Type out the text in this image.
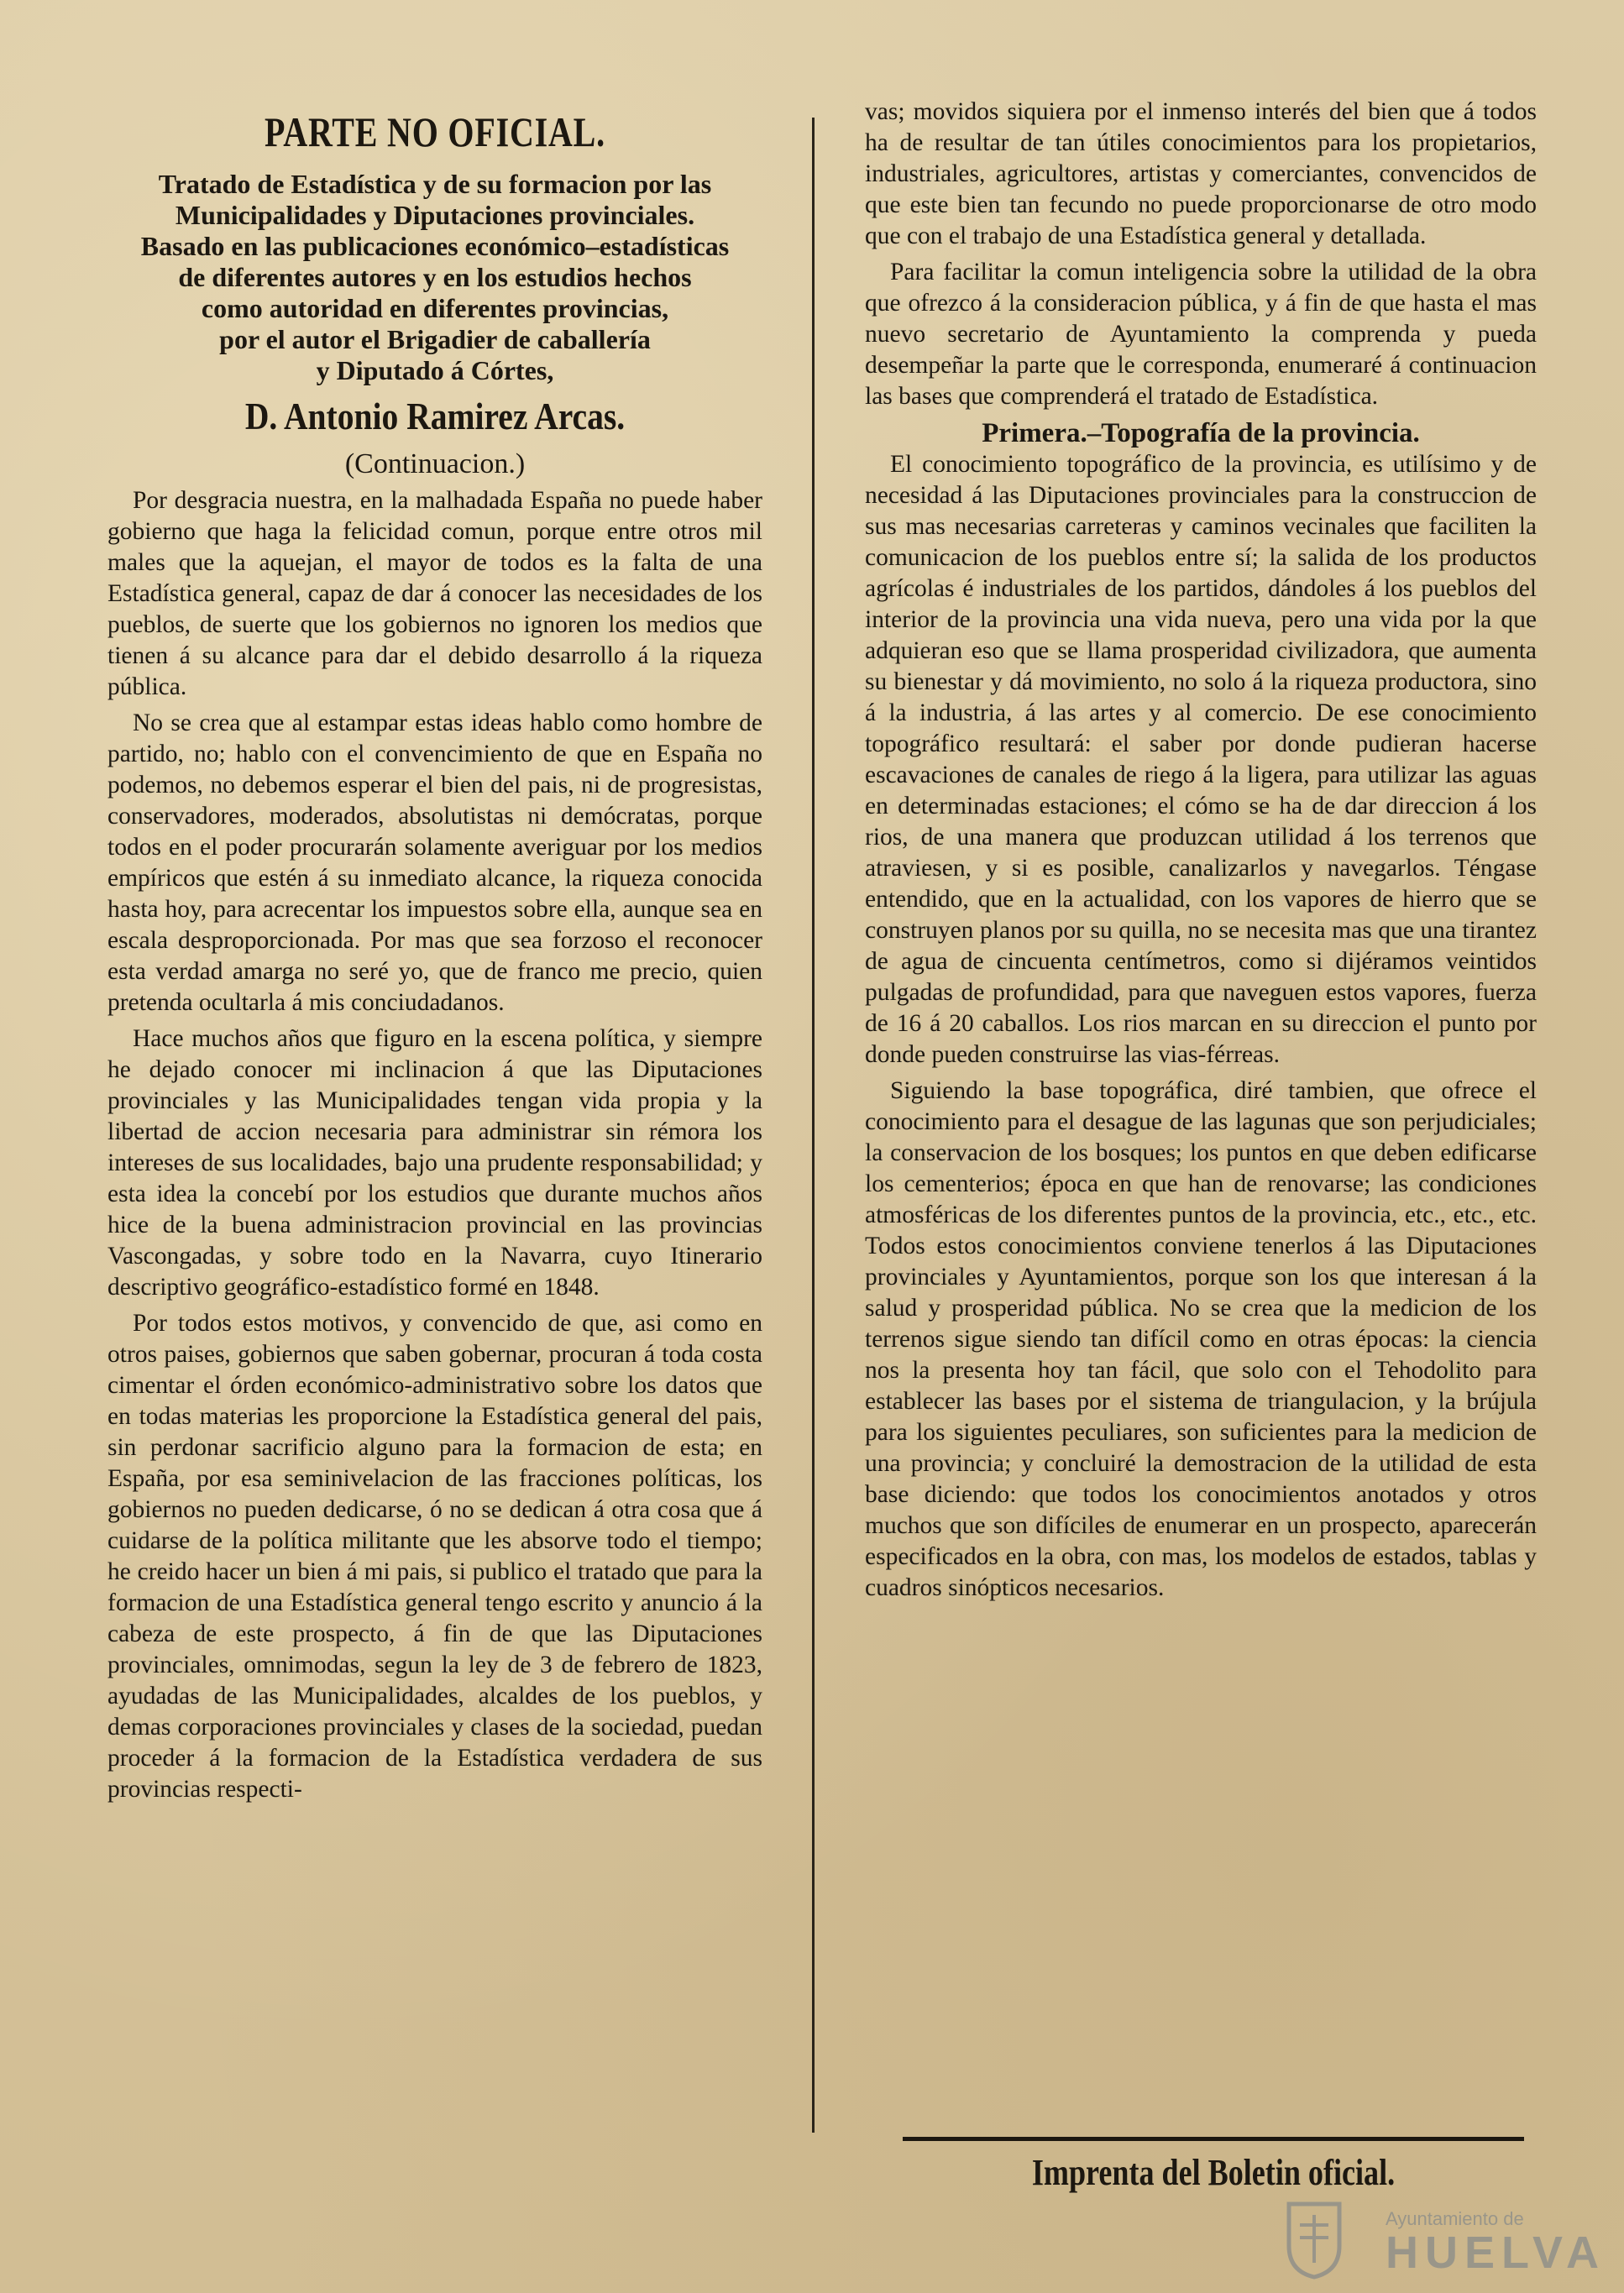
PARTE NO OFICIAL.

Tratado de Estadística y de su formacion por las

Municipalidades y Diputaciones provinciales.

Basado en las publicaciones económico–estadísticas

de diferentes autores y en los estudios hechos

como autoridad en diferentes provincias,

por el autor el Brigadier de caballería

y Diputado á Córtes,

D. Antonio Ramirez Arcas.

(Continuacion.)

Por desgracia nuestra, en la malhadada España no puede haber gobierno que haga la felicidad comun, porque entre otros mil males que la aquejan, el mayor de todos es la falta de una Estadística general, capaz de dar á conocer las necesidades de los pueblos, de suerte que los gobiernos no ignoren los medios que tienen á su alcance para dar el debido desarrollo á la riqueza pública.

No se crea que al estampar estas ideas hablo como hombre de partido, no; hablo con el convencimiento de que en España no podemos, no debemos esperar el bien del pais, ni de progresistas, conservadores, moderados, absolutistas ni demócratas, porque todos en el poder procurarán solamente averiguar por los medios empíricos que estén á su inmediato alcance, la riqueza conocida hasta hoy, para acrecentar los impuestos sobre ella, aunque sea en escala desproporcionada. Por mas que sea forzoso el reconocer esta verdad amarga no seré yo, que de franco me precio, quien pretenda ocultarla á mis conciudadanos.

Hace muchos años que figuro en la escena política, y siempre he dejado conocer mi inclinacion á que las Diputaciones provinciales y las Municipalidades tengan vida propia y la libertad de accion necesaria para administrar sin rémora los intereses de sus localidades, bajo una prudente responsabilidad; y esta idea la concebí por los estudios que durante muchos años hice de la buena administracion provincial en las provincias Vascongadas, y sobre todo en la Navarra, cuyo Itinerario descriptivo geográfico-estadístico formé en 1848.

Por todos estos motivos, y convencido de que, asi como en otros paises, gobiernos que saben gobernar, procuran á toda costa cimentar el órden económico-administrativo sobre los datos que en todas materias les proporcione la Estadística general del pais, sin perdonar sacrificio alguno para la formacion de esta; en España, por esa seminivelacion de las fracciones políticas, los gobiernos no pueden dedicarse, ó no se dedican á otra cosa que á cuidarse de la política militante que les absorve todo el tiempo; he creido hacer un bien á mi pais, si publico el tratado que para la formacion de una Estadística general tengo escrito y anuncio á la cabeza de este prospecto, á fin de que las Diputaciones provinciales, omnimodas, segun la ley de 3 de febrero de 1823, ayudadas de las Municipalidades, alcaldes de los pueblos, y demas corporaciones provinciales y clases de la sociedad, puedan proceder á la formacion de la Estadística verdadera de sus provincias respecti-

vas; movidos siquiera por el inmenso interés del bien que á todos ha de resultar de tan útiles conocimientos para los propietarios, industriales, agricultores, artistas y comerciantes, convencidos de que este bien tan fecundo no puede proporcionarse de otro modo que con el trabajo de una Estadística general y detallada.

Para facilitar la comun inteligencia sobre la utilidad de la obra que ofrezco á la consideracion pública, y á fin de que hasta el mas nuevo secretario de Ayuntamiento la comprenda y pueda desempeñar la parte que le corresponda, enumeraré á continuacion las bases que comprenderá el tratado de Estadística.

Primera.–Topografía de la provincia.

El conocimiento topográfico de la provincia, es utilísimo y de necesidad á las Diputaciones provinciales para la construccion de sus mas necesarias carreteras y caminos vecinales que faciliten la comunicacion de los pueblos entre sí; la salida de los productos agrícolas é industriales de los partidos, dándoles á los pueblos del interior de la provincia una vida nueva, pero una vida por la que adquieran eso que se llama prosperidad civilizadora, que aumenta su bienestar y dá movimiento, no solo á la riqueza productora, sino á la industria, á las artes y al comercio. De ese conocimiento topográfico resultará: el saber por donde pudieran hacerse escavaciones de canales de riego á la ligera, para utilizar las aguas en determinadas estaciones; el cómo se ha de dar direccion á los rios, de una manera que produzcan utilidad á los terrenos que atraviesen, y si es posible, canalizarlos y navegarlos. Téngase entendido, que en la actualidad, con los vapores de hierro que se construyen planos por su quilla, no se necesita mas que una tirantez de agua de cincuenta centímetros, como si dijéramos veintidos pulgadas de profundidad, para que naveguen estos vapores, fuerza de 16 á 20 caballos. Los rios marcan en su direccion el punto por donde pueden construirse las vias-férreas.

Siguiendo la base topográfica, diré tambien, que ofrece el conocimiento para el desague de las lagunas que son perjudiciales; la conservacion de los bosques; los puntos en que deben edificarse los cementerios; época en que han de renovarse; las condiciones atmosféricas de los diferentes puntos de la provincia, etc., etc., etc. Todos estos conocimientos conviene tenerlos á las Diputaciones provinciales y Ayuntamientos, porque son los que interesan á la salud y prosperidad pública. No se crea que la medicion de los terrenos sigue siendo tan difícil como en otras épocas: la ciencia nos la presenta hoy tan fácil, que solo con el Tehodolito para establecer las bases por el sistema de triangulacion, y la brújula para los siguientes peculiares, son suficientes para la medicion de una provincia; y concluiré la demostracion de la utilidad de esta base diciendo: que todos los conocimientos anotados y otros muchos que son difíciles de enumerar en un prospecto, aparecerán especificados en la obra, con mas, los modelos de estados, tablas y cuadros sinópticos necesarios.

Imprenta del Boletin oficial.
Ayuntamiento de
HUELVA
